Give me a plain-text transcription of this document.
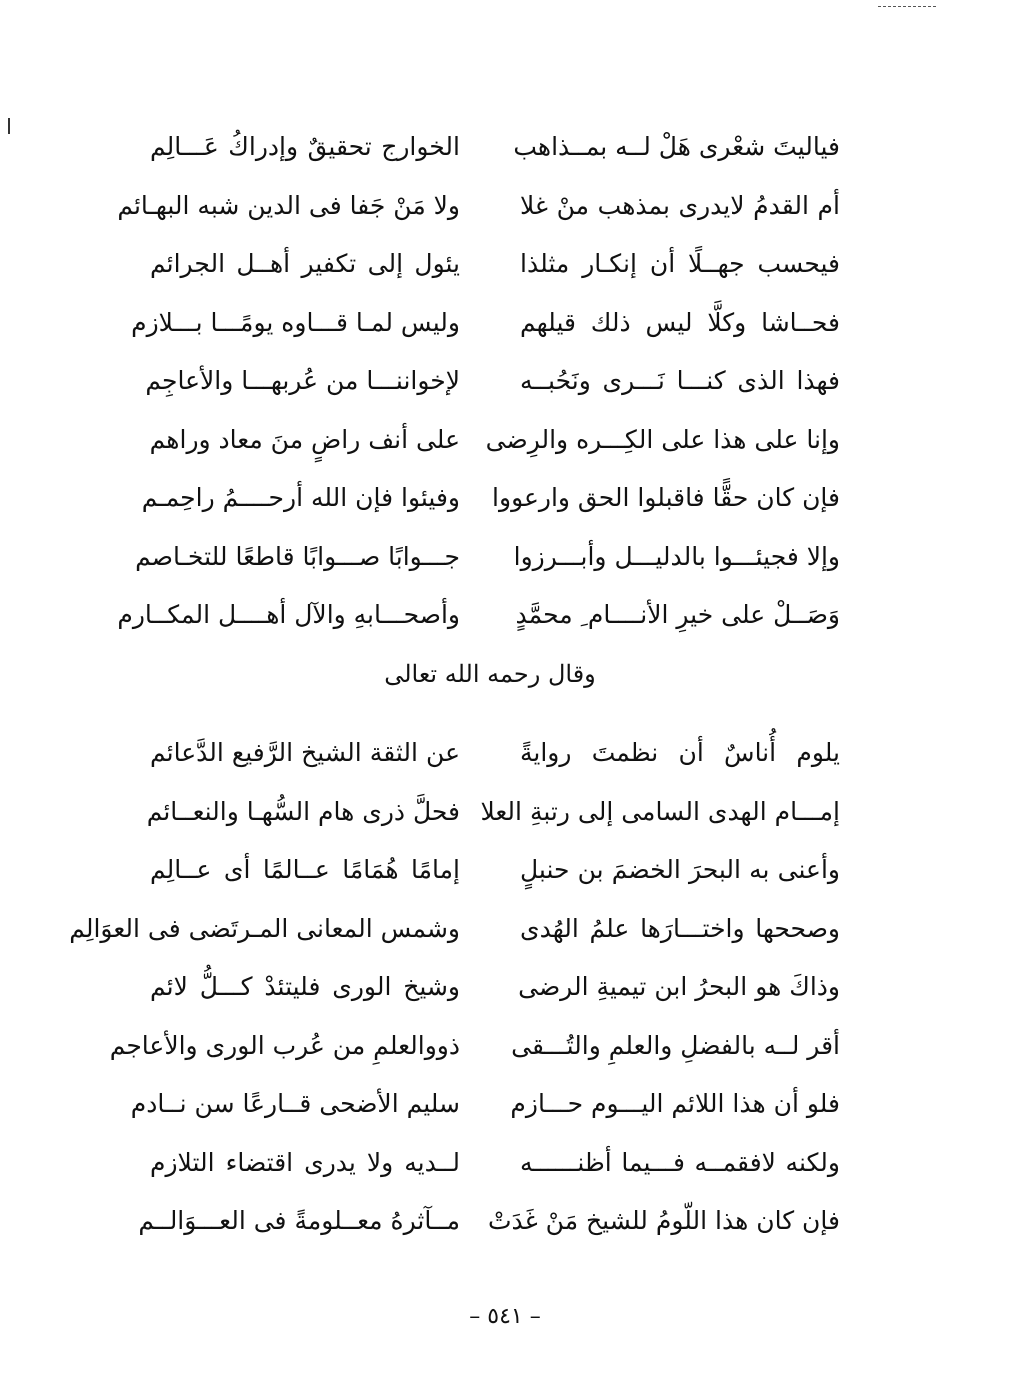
فياليتَ شعْرى هَلْ لــه بمــذاهب
الخوارج تحقيقٌ وإدراكُ عَـــالِم
أم القدمُ لايدرى بمذهب منْ غلا
ولا مَنْ جَفا فى الدين شبه البهـائم
فيحسب جهــلًا أن إنكـار مثلذا
يئول إلى تكفير أهــل الجرائم
فحــاشا وكلَّا ليس ذلك قيلهم
وليس لمـا قـــاوه يومًـــا بـــلازم
فهذا الذى كنـــا نَـــرى ونَحُبــه
لإخواننـــا من عُربهـــا والأعاجِم
وإنا على هذا على الكِـــره والرِضى
على أنف راضٍ منَ معاد وراهم
فإن كان حقًّا فاقبلوا الحق وارعووا
وفيئوا فإن الله أرحــــمُ راحِمـم
وإلا فجيئـــوا بالدليـــل وأبـــرزوا
جـــوابًا صـــوابًا قاطعًا للتخـاصم
وَصَــلْ على خيرِ الأنــــام ِ محمَّدٍ
وأصحـــابهِ والآل أهــــل المكــارم
وقال رحمه الله تعالى
يلوم أُناسٌ أن نظمتَ روايةً
عن الثقة الشيخ الرَّفيع الدَّعائم
إمـــام الهدى السامى إلى رتبةِ العلا
فحلَّ ذرى هام السُّهـا والنعــائم
وأعنى به البحرَ الخضمَ بن حنبلٍ
إمامًا هُمَامًا عــالمًا أى عــالِم
وصححها واختـــارَها علمُ الهُدى
وشمس المعانى المـرتَضى فى العوَالِم
وذاكَ هو البحرُ ابن تيميةِ الرضى
وشيخ الورى فليتئدْ كـــلُّ لائم
أقر لــه بالفضلِ والعلمِ والتُـــقى
ذووالعلمِ من عُرب الورى والأعاجم
فلو أن هذا اللائم اليـــوم حـــازم
سليم الأضحى قــارعًا سن نــادم
ولكنه لافقمــه فـــيما أظنــــــه
لــديه ولا يدرى اقتضاء التلازم
فإن كان هذا اللّومُ للشيخ مَنْ غَدَتْ
مــآثرهُ معــلومةً فى العـــوَالــم
– ٥٤١ –
